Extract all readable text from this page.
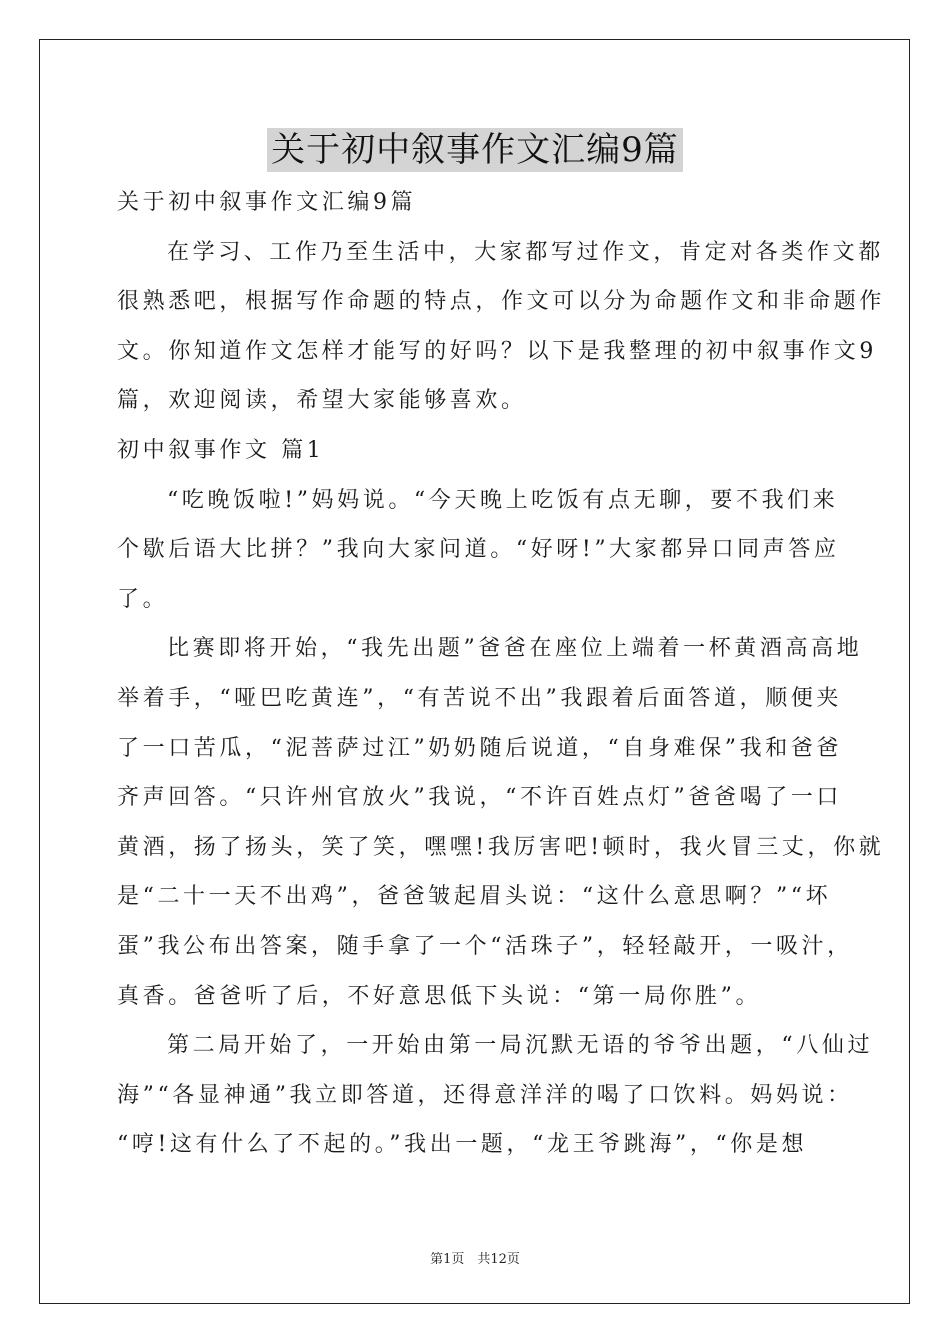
关于初中叙事作文汇编9篇

关于初中叙事作文汇编9篇

在学习、工作乃至生活中，大家都写过作文，肯定对各类作文都

很熟悉吧，根据写作命题的特点，作文可以分为命题作文和非命题作

文。你知道作文怎样才能写的好吗？以下是我整理的初中叙事作文9

篇，欢迎阅读，希望大家能够喜欢。

初中叙事作文 篇1

“吃晚饭啦!”妈妈说。“今天晚上吃饭有点无聊，要不我们来

个歇后语大比拼？”我向大家问道。“好呀!”大家都异口同声答应

了。

比赛即将开始，“我先出题”爸爸在座位上端着一杯黄酒高高地

举着手，“哑巴吃黄连”，“有苦说不出”我跟着后面答道，顺便夹

了一口苦瓜，“泥菩萨过江”奶奶随后说道，“自身难保”我和爸爸

齐声回答。“只许州官放火”我说，“不许百姓点灯”爸爸喝了一口

黄酒，扬了扬头，笑了笑，嘿嘿!我厉害吧!顿时，我火冒三丈，你就

是“二十一天不出鸡”，爸爸皱起眉头说：“这什么意思啊？”“坏

蛋”我公布出答案，随手拿了一个“活珠子”，轻轻敲开，一吸汁，

真香。爸爸听了后，不好意思低下头说：“第一局你胜”。

第二局开始了，一开始由第一局沉默无语的爷爷出题，“八仙过

海”“各显神通”我立即答道，还得意洋洋的喝了口饮料。妈妈说：

“哼!这有什么了不起的。”我出一题，“龙王爷跳海”，“你是想

第1页　共12页
